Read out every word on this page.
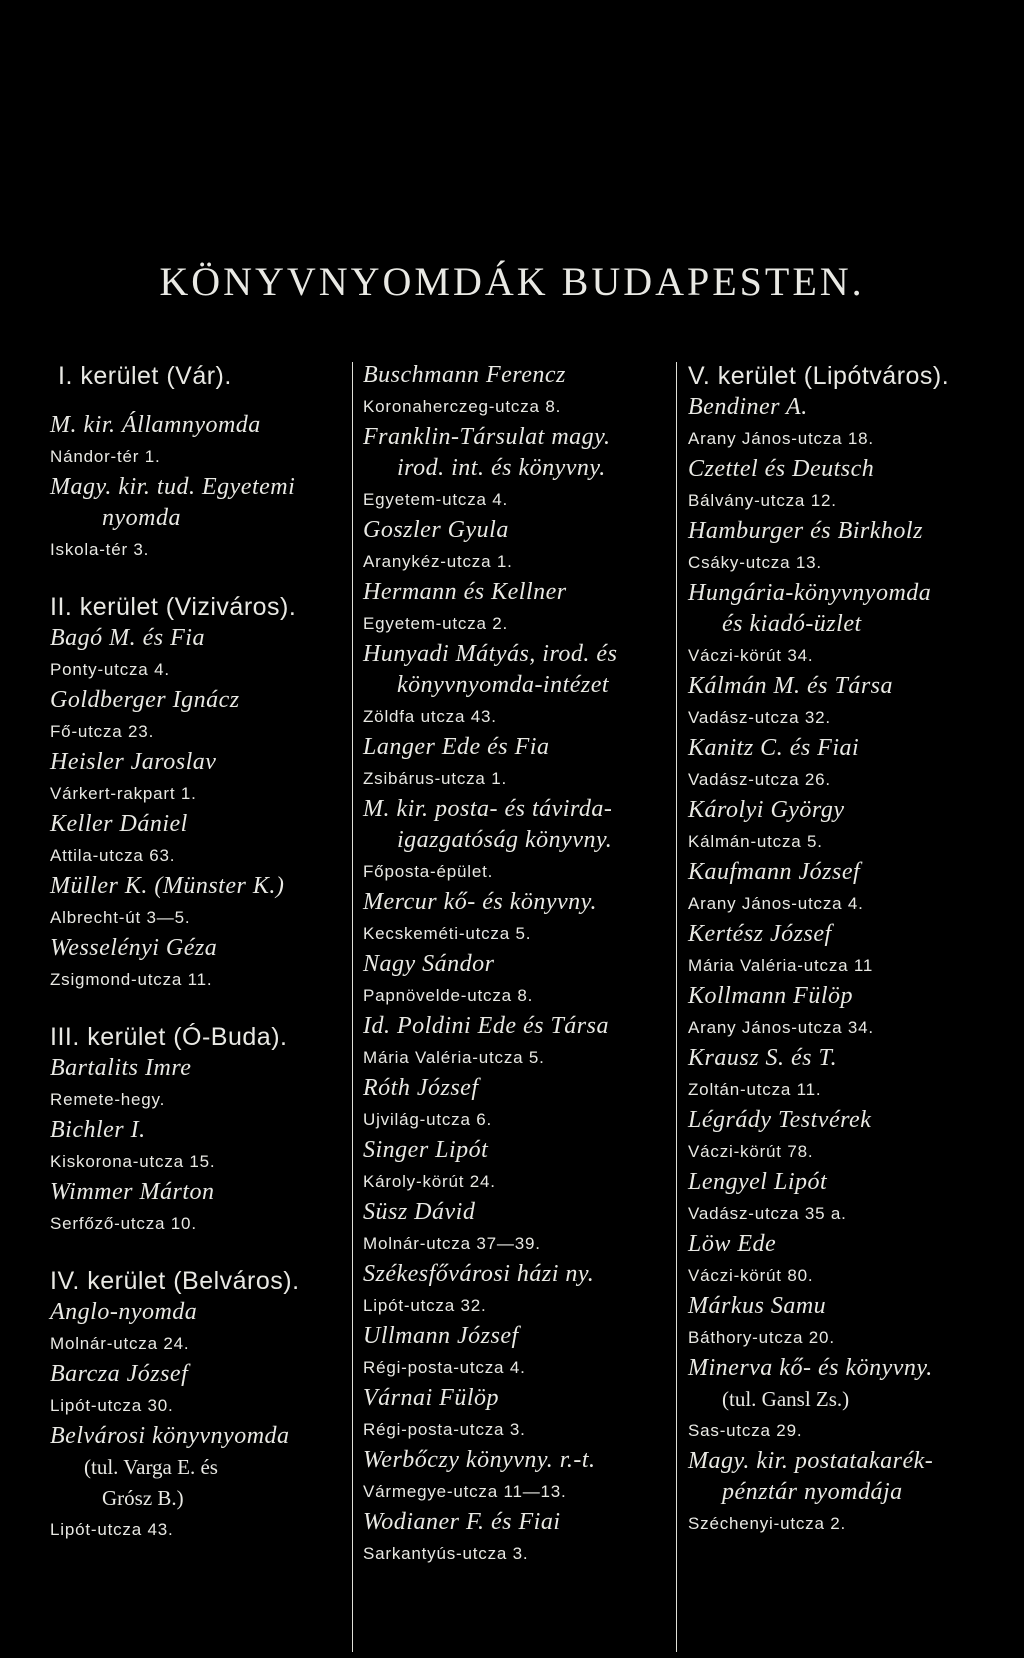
KÖNYVNYOMDÁK BUDAPESTEN.
I. kerület (Vár).
M. kir. Államnyomda
Nándor-tér 1.
Magy. kir. tud. Egyetemi
nyomda
Iskola-tér 3.
II. kerület (Viziváros).
Bagó M. és Fia
Ponty-utcza 4.
Goldberger Ignácz
Fő-utcza 23.
Heisler Jaroslav
Várkert-rakpart 1.
Keller Dániel
Attila-utcza 63.
Müller K. (Münster K.)
Albrecht-út 3—5.
Wesselényi Géza
Zsigmond-utcza 11.
III. kerület (Ó-Buda).
Bartalits Imre
Remete-hegy.
Bichler I.
Kiskorona-utcza 15.
Wimmer Márton
Serfőző-utcza 10.
IV. kerület (Belváros).
Anglo-nyomda
Molnár-utcza 24.
Barcza József
Lipót-utcza 30.
Belvárosi könyvnyomda
(tul. Varga E. és
Grósz B.)
Lipót-utcza 43.
Buschmann Ferencz
Koronaherczeg-utcza 8.
Franklin-Társulat magy.
irod. int. és könyvny.
Egyetem-utcza 4.
Goszler Gyula
Aranykéz-utcza 1.
Hermann és Kellner
Egyetem-utcza 2.
Hunyadi Mátyás, irod. és
könyvnyomda-intézet
Zöldfa utcza 43.
Langer Ede és Fia
Zsibárus-utcza 1.
M. kir. posta- és távirda-
igazgatóság könyvny.
Főposta-épület.
Mercur kő- és könyvny.
Kecskeméti-utcza 5.
Nagy Sándor
Papnövelde-utcza 8.
Id. Poldini Ede és Társa
Mária Valéria-utcza 5.
Róth József
Ujvilág-utcza 6.
Singer Lipót
Károly-körút 24.
Süsz Dávid
Molnár-utcza 37—39.
Székesfővárosi házi ny.
Lipót-utcza 32.
Ullmann József
Régi-posta-utcza 4.
Várnai Fülöp
Régi-posta-utcza 3.
Werbőczy könyvny. r.-t.
Vármegye-utcza 11—13.
Wodianer F. és Fiai
Sarkantyús-utcza 3.
V. kerület (Lipótváros).
Bendiner A.
Arany János-utcza 18.
Czettel és Deutsch
Bálvány-utcza 12.
Hamburger és Birkholz
Csáky-utcza 13.
Hungária-könyvnyomda
és kiadó-üzlet
Váczi-körút 34.
Kálmán M. és Társa
Vadász-utcza 32.
Kanitz C. és Fiai
Vadász-utcza 26.
Károlyi György
Kálmán-utcza 5.
Kaufmann József
Arany János-utcza 4.
Kertész József
Mária Valéria-utcza 11
Kollmann Fülöp
Arany János-utcza 34.
Krausz S. és T.
Zoltán-utcza 11.
Légrády Testvérek
Váczi-körút 78.
Lengyel Lipót
Vadász-utcza 35 a.
Löw Ede
Váczi-körút 80.
Márkus Samu
Báthory-utcza 20.
Minerva kő- és könyvny.
(tul. Gansl Zs.)
Sas-utcza 29.
Magy. kir. postatakarék-
pénztár nyomdája
Széchenyi-utcza 2.
